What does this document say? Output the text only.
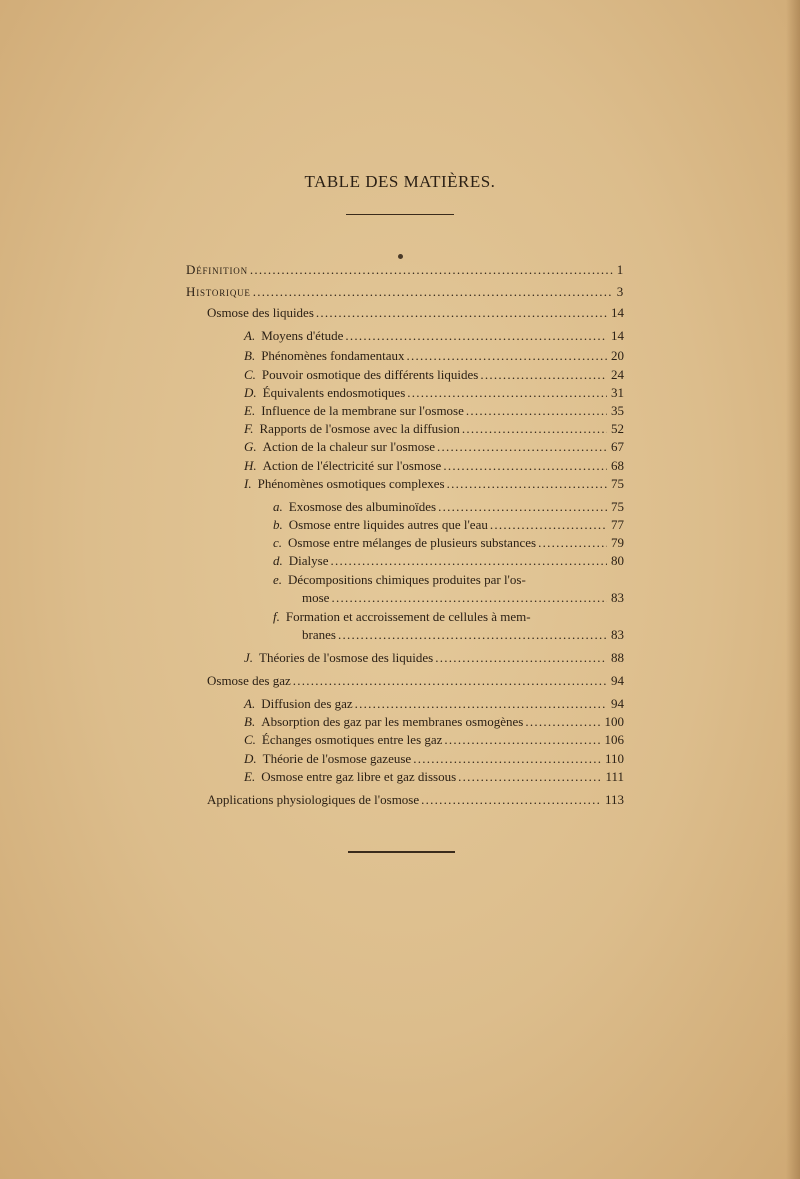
TABLE DES MATIÈRES.
Définition . . .	1
Historique . . .	3
Osmose des liquides . . .	14
A. Moyens d'étude . . .	14
B. Phénomènes fondamentaux . . .	20
C. Pouvoir osmotique des différents liquides . . .	24
D. Équivalents endosmotiques . . .	31
E. Influence de la membrane sur l'osmose . . .	35
F. Rapports de l'osmose avec la diffusion . . .	52
G. Action de la chaleur sur l'osmose . . .	67
H. Action de l'électricité sur l'osmose . . .	68
I. Phénomènes osmotiques complexes . . .	75
a. Exosmose des albuminoïdes . . .	75
b. Osmose entre liquides autres que l'eau . . .	77
c. Osmose entre mélanges de plusieurs substances . . .	79
d. Dialyse . . .	80
e. Décompositions chimiques produites par l'os-
mose . . .	83
f. Formation et accroissement de cellules à mem-
branes . . .	83
J. Théories de l'osmose des liquides . . .	88
Osmose des gaz . . .	94
A. Diffusion des gaz . . .	94
B. Absorption des gaz par les membranes osmogènes . . .	100
C. Échanges osmotiques entre les gaz . . .	106
D. Théorie de l'osmose gazeuse . . .	110
E. Osmose entre gaz libre et gaz dissous . . .	111
Applications physiologiques de l'osmose . . .	113
